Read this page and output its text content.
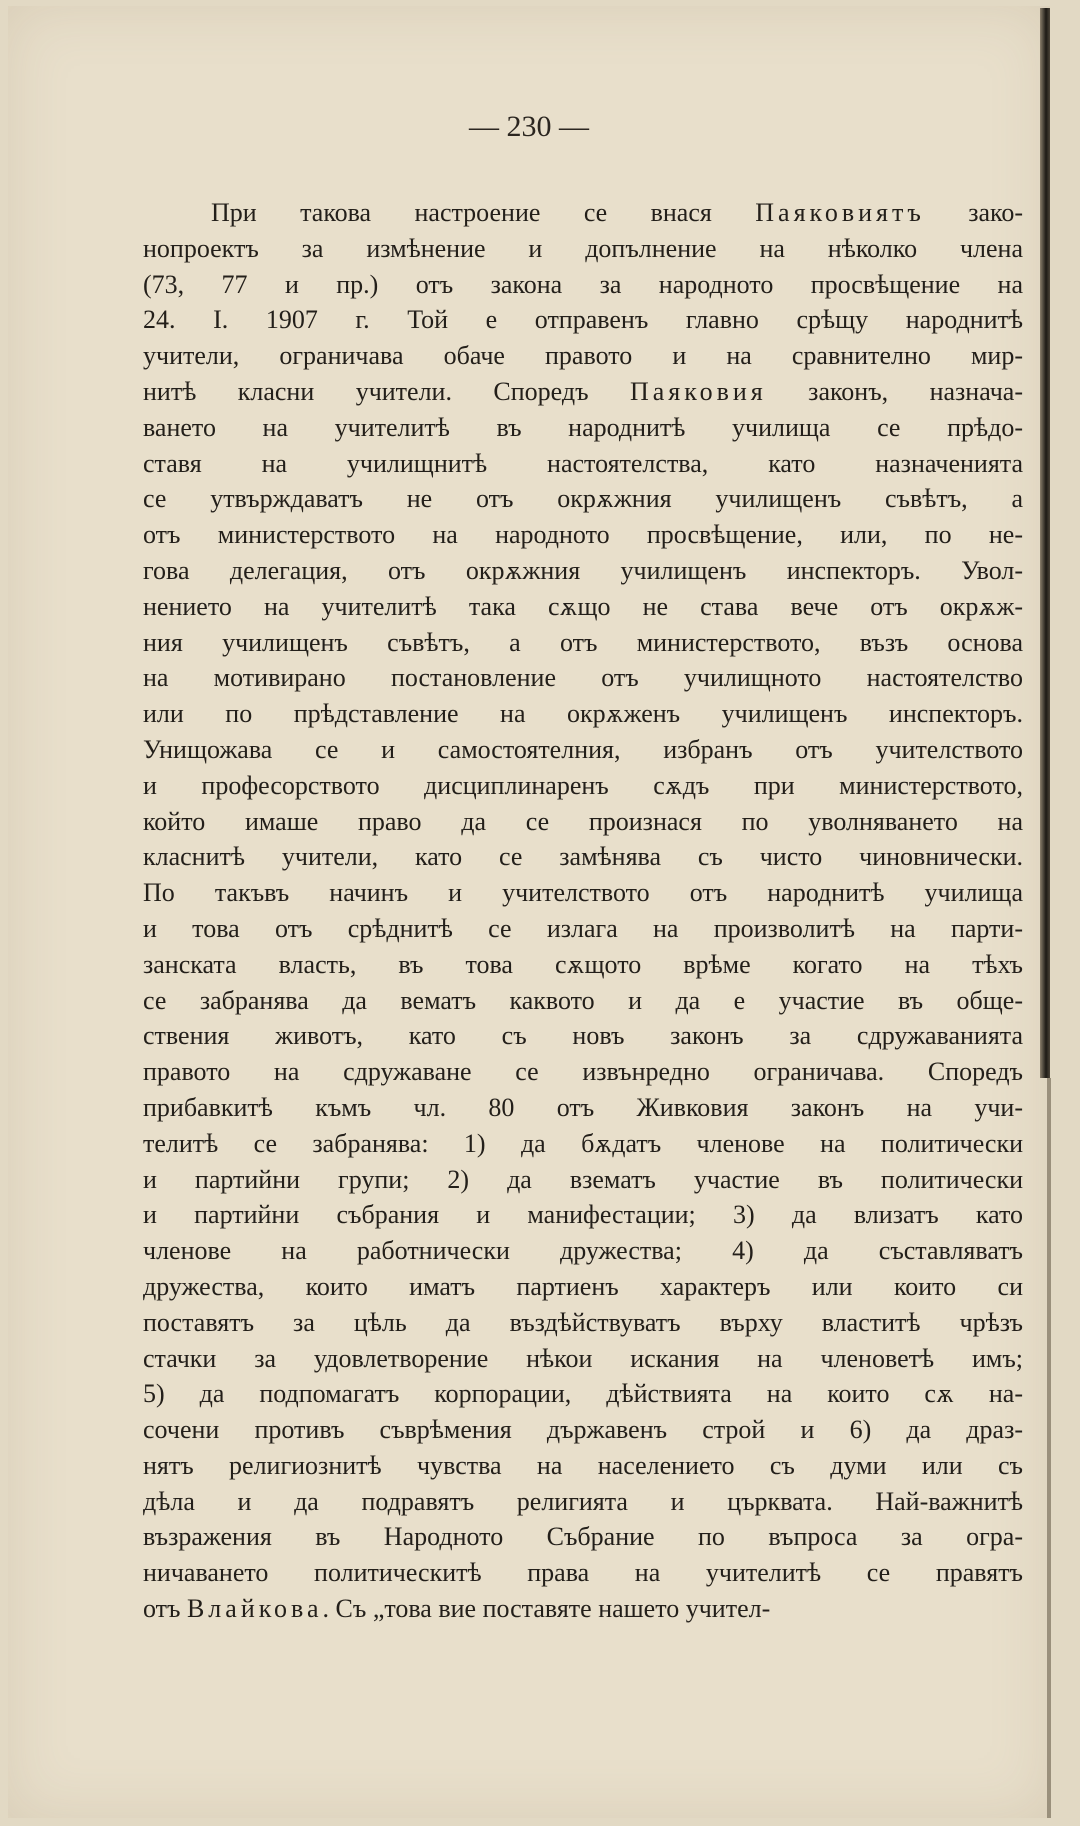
— 230 —
При такова настроение се внася Паяковиятъ зако-
нопроектъ за измѣнение и допълнение на нѣколко члена
(73, 77 и пр.) отъ закона за народното просвѣщение на
24. I. 1907 г. Той е отправенъ главно срѣщу народнитѣ
учители, ограничава обаче правото и на сравнително мир-
нитѣ класни учители. Споредъ Паяковия законъ, назнача-
ването на учителитѣ въ народнитѣ училища се прѣдо-
ставя на училищнитѣ настоятелства, като назначенията
се утвърждаватъ не отъ окрѫжния училищенъ съвѣтъ, а
отъ министерството на народното просвѣщение, или, по не-
гова делегация, отъ окрѫжния училищенъ инспекторъ. Увол-
нението на учителитѣ така сѫщо не става вече отъ окрѫж-
ния училищенъ съвѣтъ, а отъ министерството, възъ основа
на мотивирано постановление отъ училищното настоятелство
или по прѣдставление на окрѫженъ училищенъ инспекторъ.
Унищожава се и самостоятелния, избранъ отъ учителството
и професорството дисциплинаренъ сѫдъ при министерството,
който имаше право да се произнася по уволняването на
класнитѣ учители, като се замѣнява съ чисто чиновнически.
По такъвъ начинъ и учителството отъ народнитѣ училища
и това отъ срѣднитѣ се излага на произволитѣ на парти-
занската власть, въ това сѫщото врѣме когато на тѣхъ
се забранява да вематъ каквото и да е участие въ обще-
ствения животъ, като съ новъ законъ за сдружаванията
правото на сдружаване се извънредно ограничава. Споредъ
прибавкитѣ къмъ чл. 80 отъ Живковия законъ на учи-
телитѣ се забранява: 1) да бѫдатъ членове на политически
и партийни групи; 2) да взематъ участие въ политически
и партийни събрания и манифестации; 3) да влизатъ като
членове на работнически дружества; 4) да съставляватъ
дружества, които иматъ партиенъ характеръ или които си
поставятъ за цѣль да въздѣйствуватъ върху властитѣ чрѣзъ
стачки за удовлетворение нѣкои искания на членоветѣ имъ;
5) да подпомагатъ корпорации, дѣйствията на които сѫ на-
сочени противъ съврѣмения държавенъ строй и 6) да драз-
нятъ религиознитѣ чувства на населението съ думи или съ
дѣла и да подравятъ религията и църквата. Най-важнитѣ
възражения въ Народното Събрание по въпроса за огра-
ничаването политическитѣ права на учителитѣ се правятъ
отъ Влайкова. Съ „това вие поставяте нашето учител-
